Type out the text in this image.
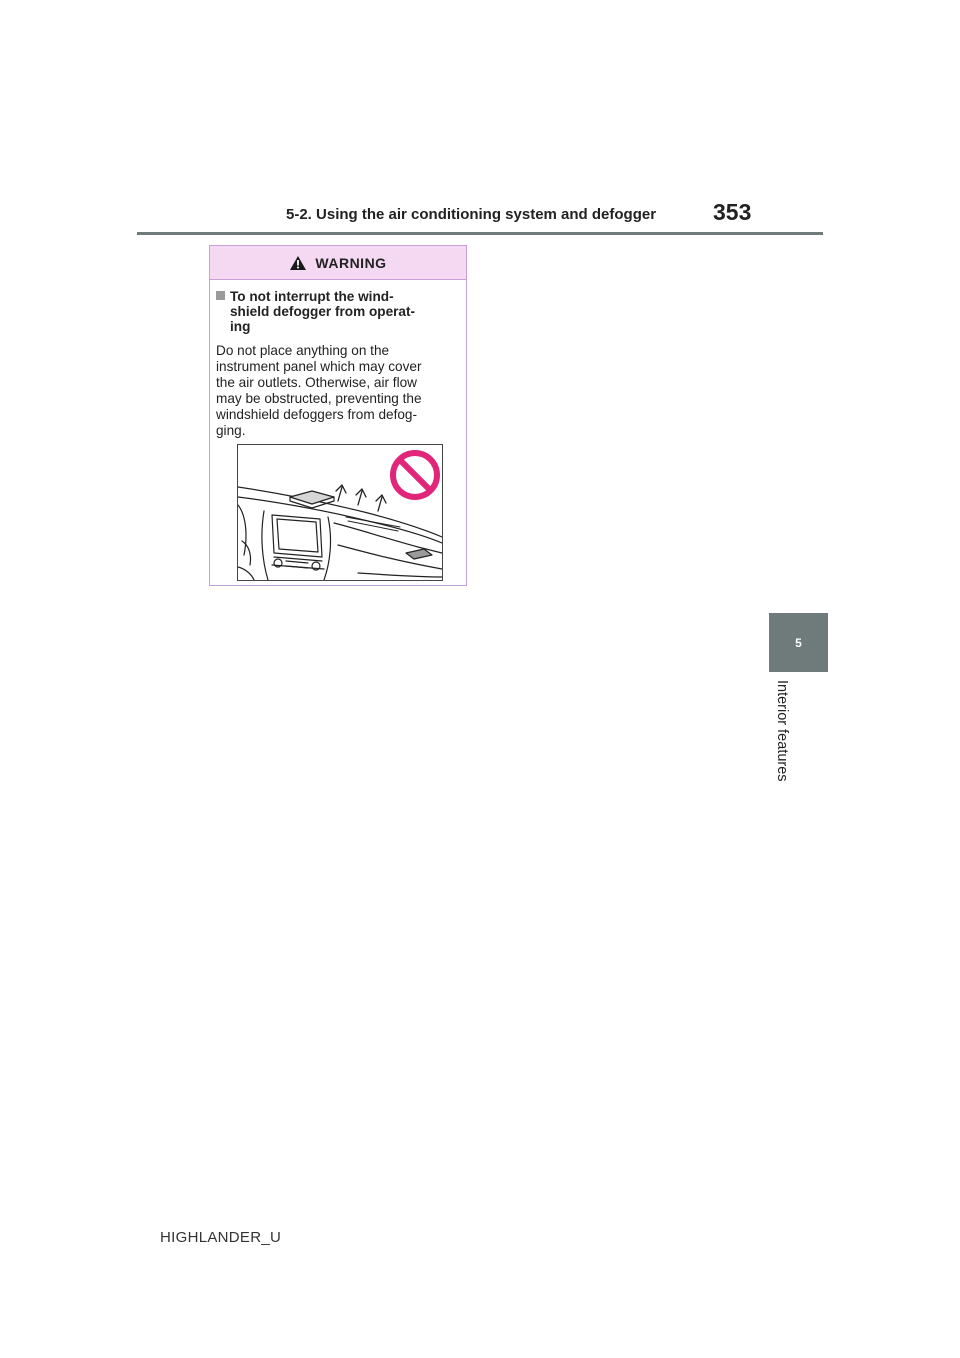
5-2. Using the air conditioning system and defogger 353
5
Interior features
WARNING
To not interrupt the wind-
shield defogger from operat-
ing
Do not place anything on the
instrument panel which may cover
the air outlets. Otherwise, air flow
may be obstructed, preventing the
windshield defoggers from defog-
ging.
HIGHLANDER_U
